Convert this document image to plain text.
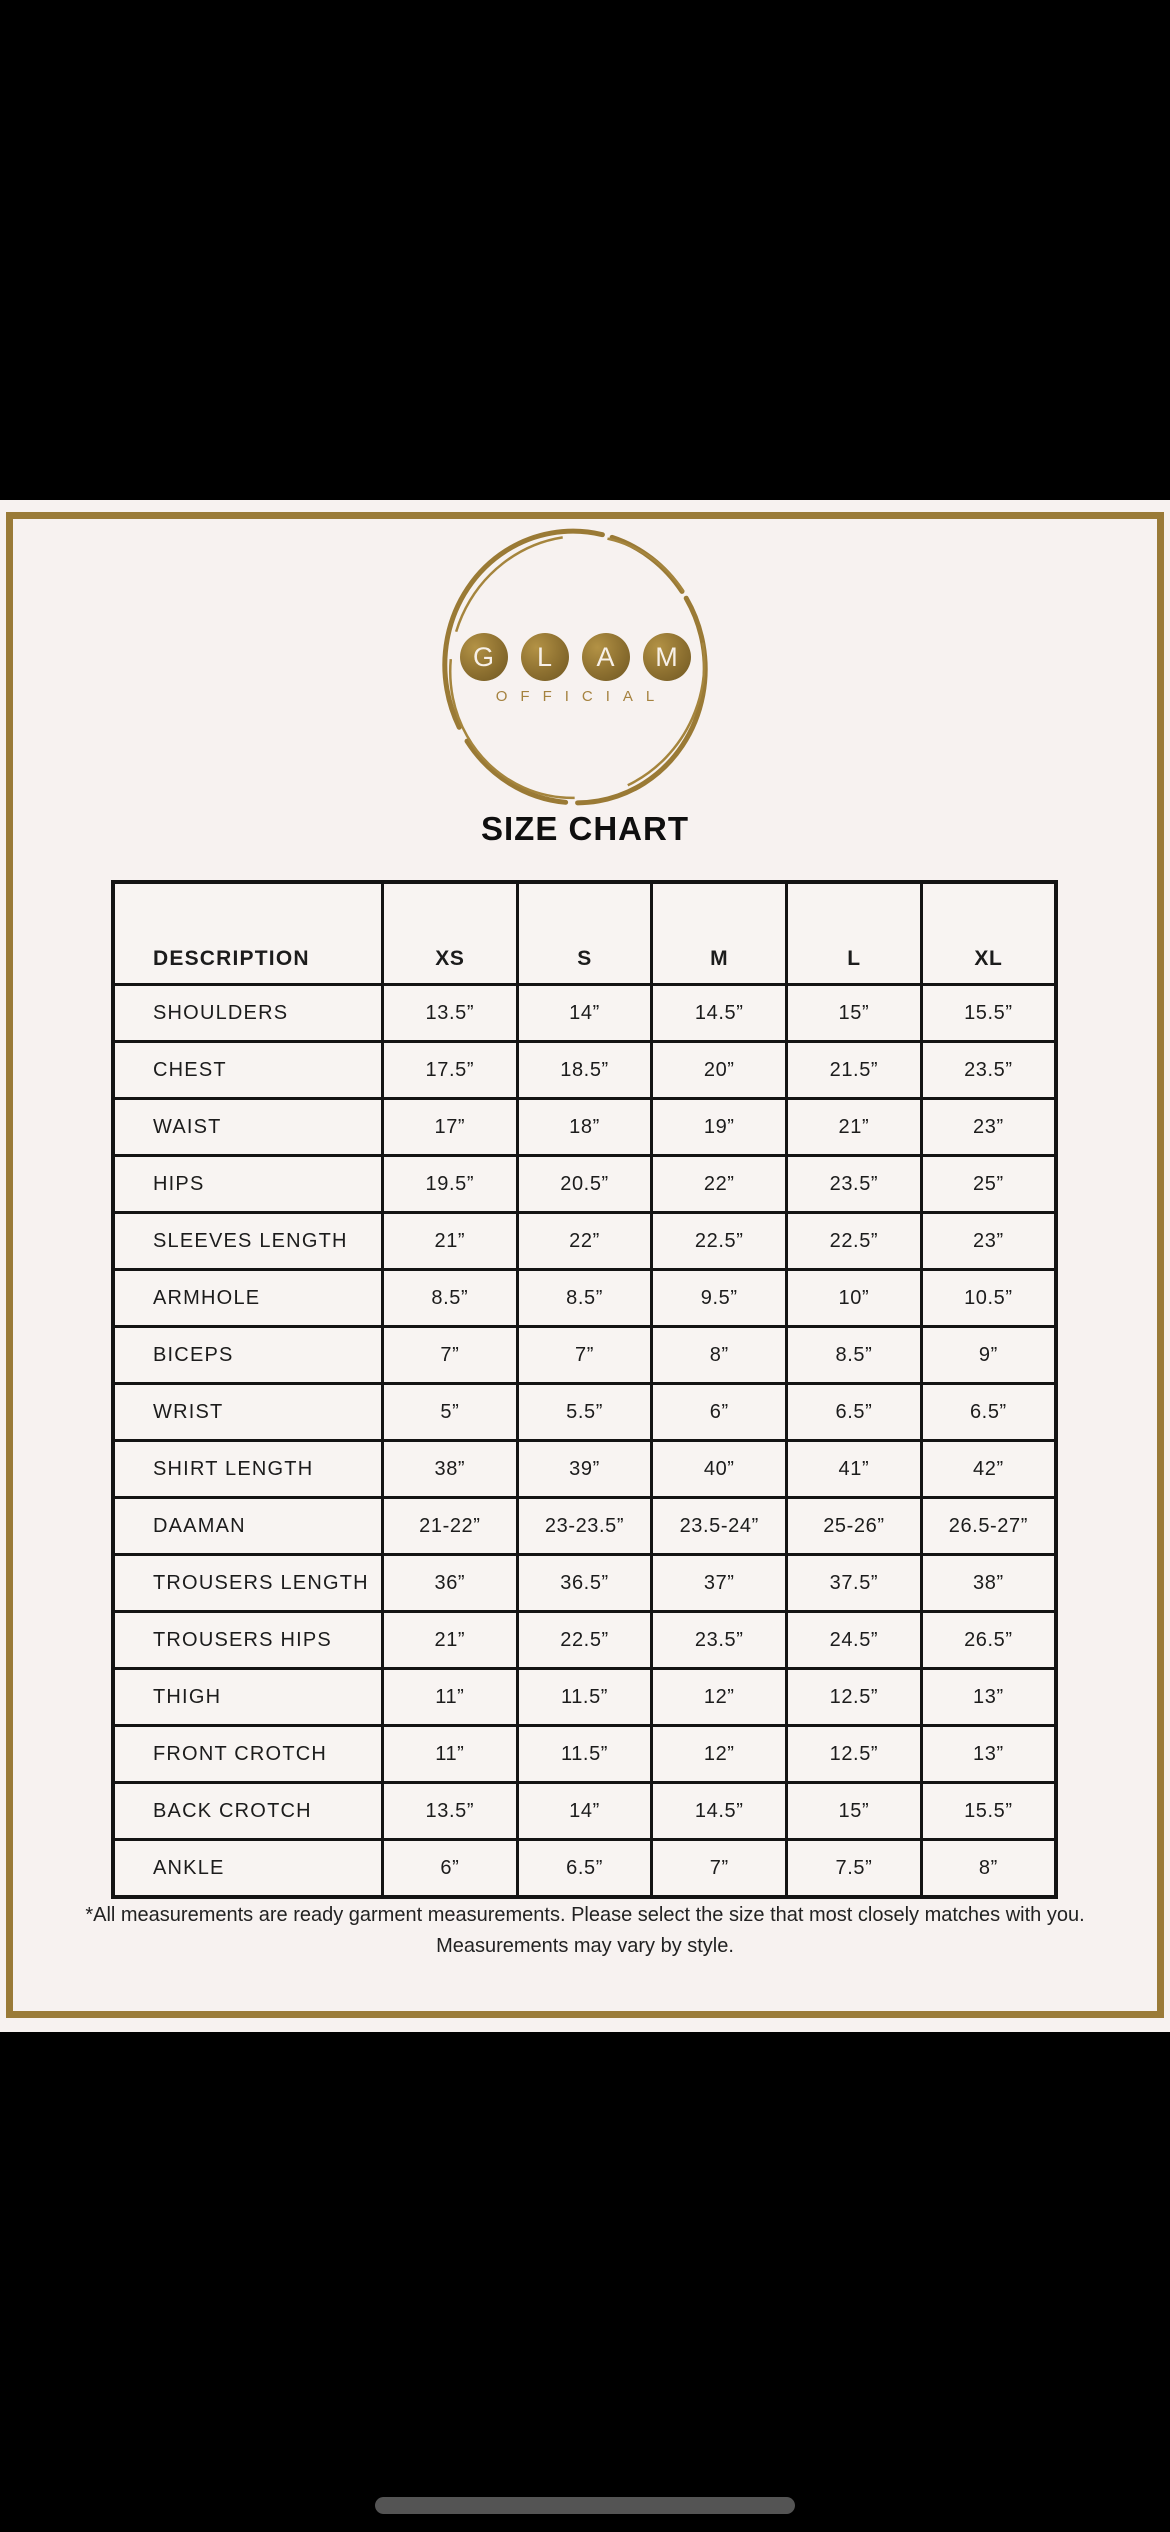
G	L	A	M
OFFICIAL
SIZE CHART
DESCRIPTION	XS	S	M	L	XL
SHOULDERS	13.5”	14”	14.5”	15”	15.5”
CHEST	17.5”	18.5”	20”	21.5”	23.5”
WAIST	17”	18”	19”	21”	23”
HIPS	19.5”	20.5”	22”	23.5”	25”
SLEEVES LENGTH	21”	22”	22.5”	22.5”	23”
ARMHOLE	8.5”	8.5”	9.5”	10”	10.5”
BICEPS	7”	7”	8”	8.5”	9”
WRIST	5”	5.5”	6”	6.5”	6.5”
SHIRT LENGTH	38”	39”	40”	41”	42”
DAAMAN	21-22”	23-23.5”	23.5-24”	25-26”	26.5-27”
TROUSERS LENGTH	36”	36.5”	37”	37.5”	38”
TROUSERS HIPS	21”	22.5”	23.5”	24.5”	26.5”
THIGH	11”	11.5”	12”	12.5”	13”
FRONT CROTCH	11”	11.5”	12”	12.5”	13”
BACK CROTCH	13.5”	14”	14.5”	15”	15.5”
ANKLE	6”	6.5”	7”	7.5”	8”
*All measurements are ready garment measurements. Please select the size that most closely matches with you.
Measurements may vary by style.
